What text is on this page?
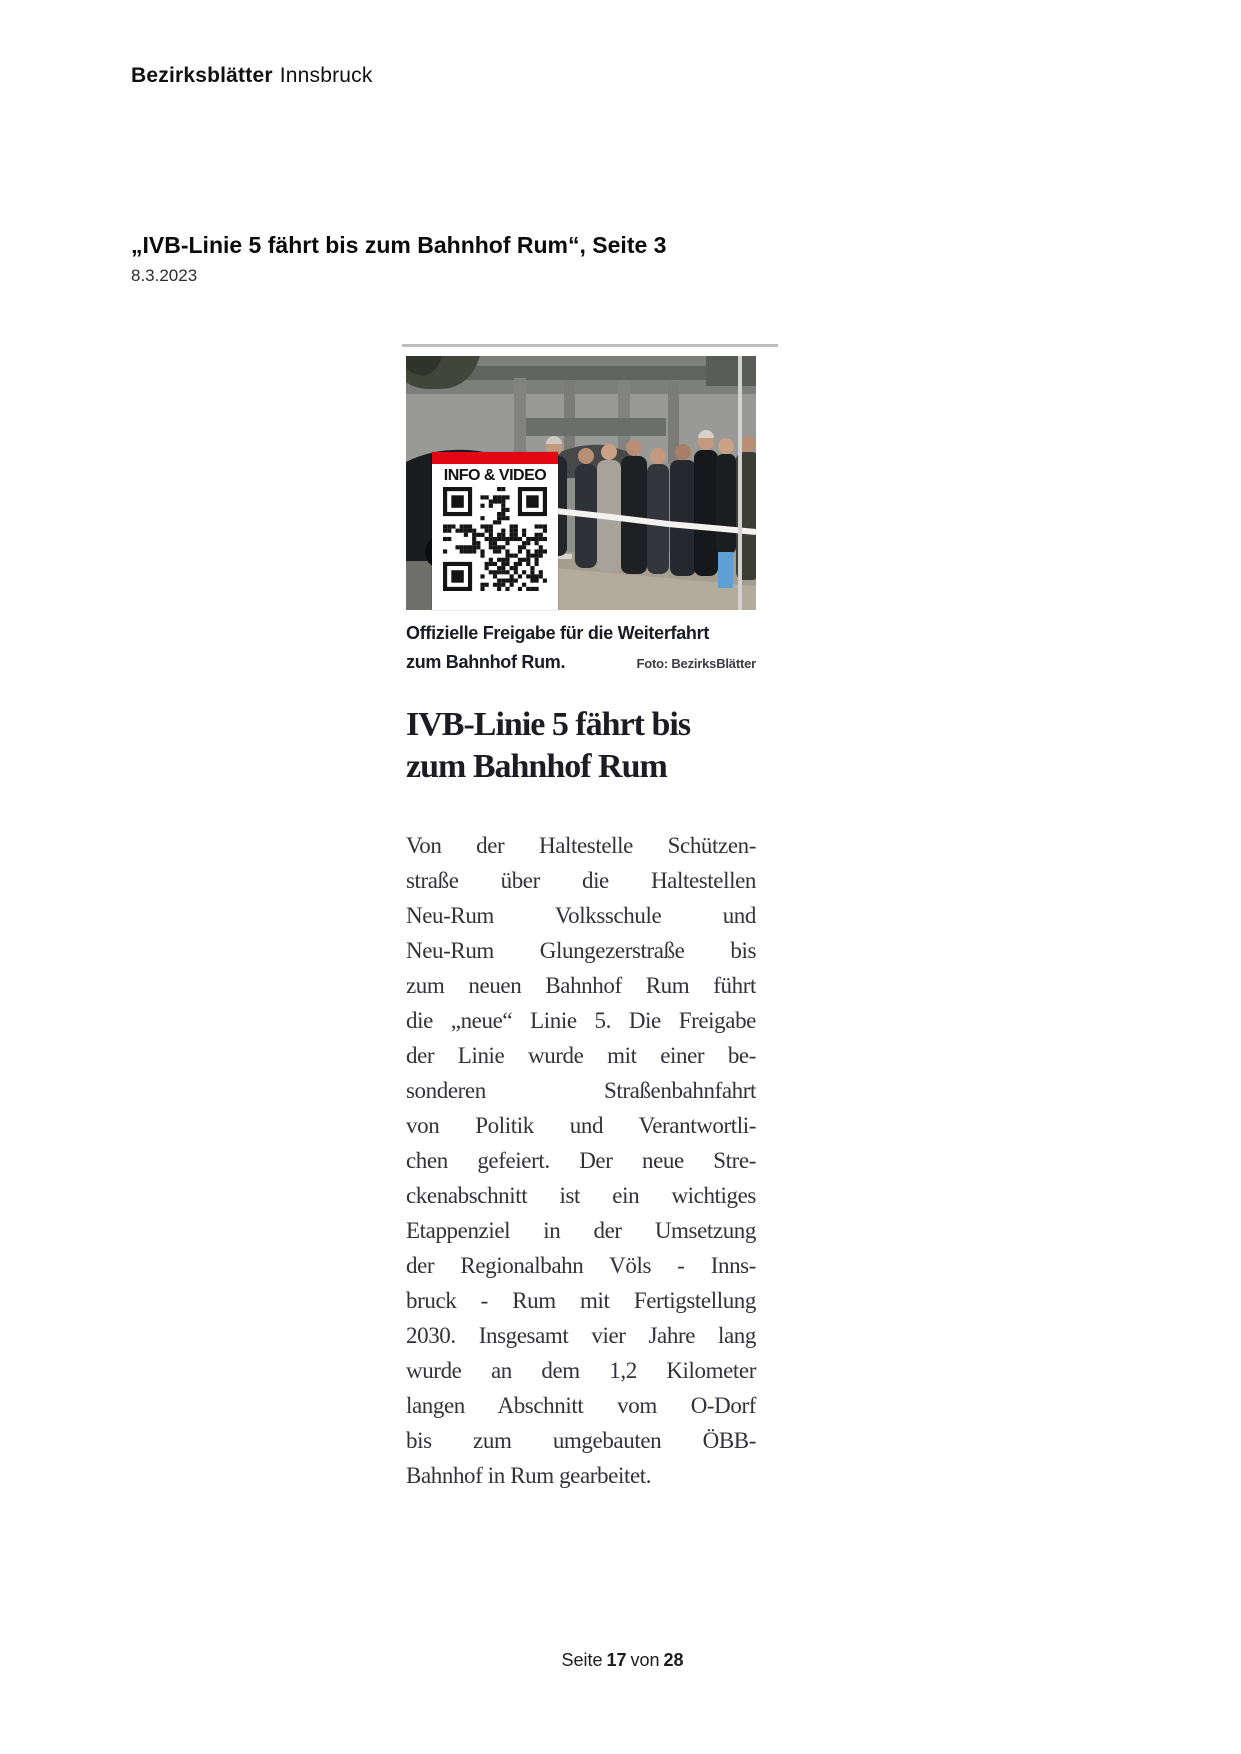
Bezirksblätter Innsbruck
„IVB-Linie 5 fährt bis zum Bahnhof Rum“, Seite 3
8.3.2023
INFO & VIDEO
Offizielle Freigabe für die Weiterfahrt
zum Bahnhof Rum.	Foto: BezirksBlätter
IVB-Linie 5 fährt bis
zum Bahnhof Rum
Von der Haltestelle Schützen-
straße über die Haltestellen
Neu-Rum Volksschule und
Neu-Rum Glungezerstraße bis
zum neuen Bahnhof Rum führt
die „neue“ Linie 5. Die Freigabe
der Linie wurde mit einer be-
sonderen Straßenbahnfahrt
von Politik und Verantwortli-
chen gefeiert. Der neue Stre-
ckenabschnitt ist ein wichtiges
Etappenziel in der Umsetzung
der Regionalbahn Völs - Inns-
bruck - Rum mit Fertigstellung
2030. Insgesamt vier Jahre lang
wurde an dem 1,2 Kilometer
langen Abschnitt vom O-Dorf
bis zum umgebauten ÖBB-
Bahnhof in Rum gearbeitet.
Seite 17 von 28
